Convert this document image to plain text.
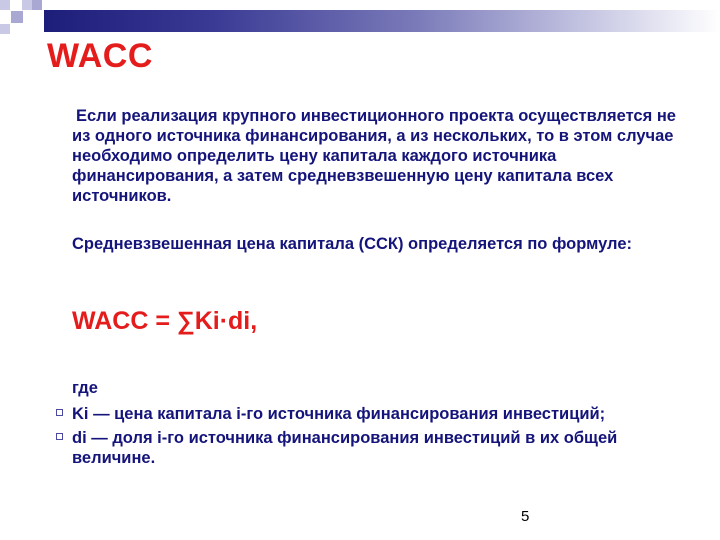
WACC
Если реализация крупного инвестиционного проекта осуществляется не из одного источника финансирования, а из нескольких, то в этом случае необходимо определить цену капитала каждого источника финансирования, а затем средневзвешенную цену капитала всех источников.
Средневзвешенная цена капитала (ССК) определяется по формуле:
WACC = ∑Ki·di,
где
Ki — цена капитала i-го источника финансирования инвестиций;
di — доля i-го источника финансирования инвестиций в их общей величине.
5
